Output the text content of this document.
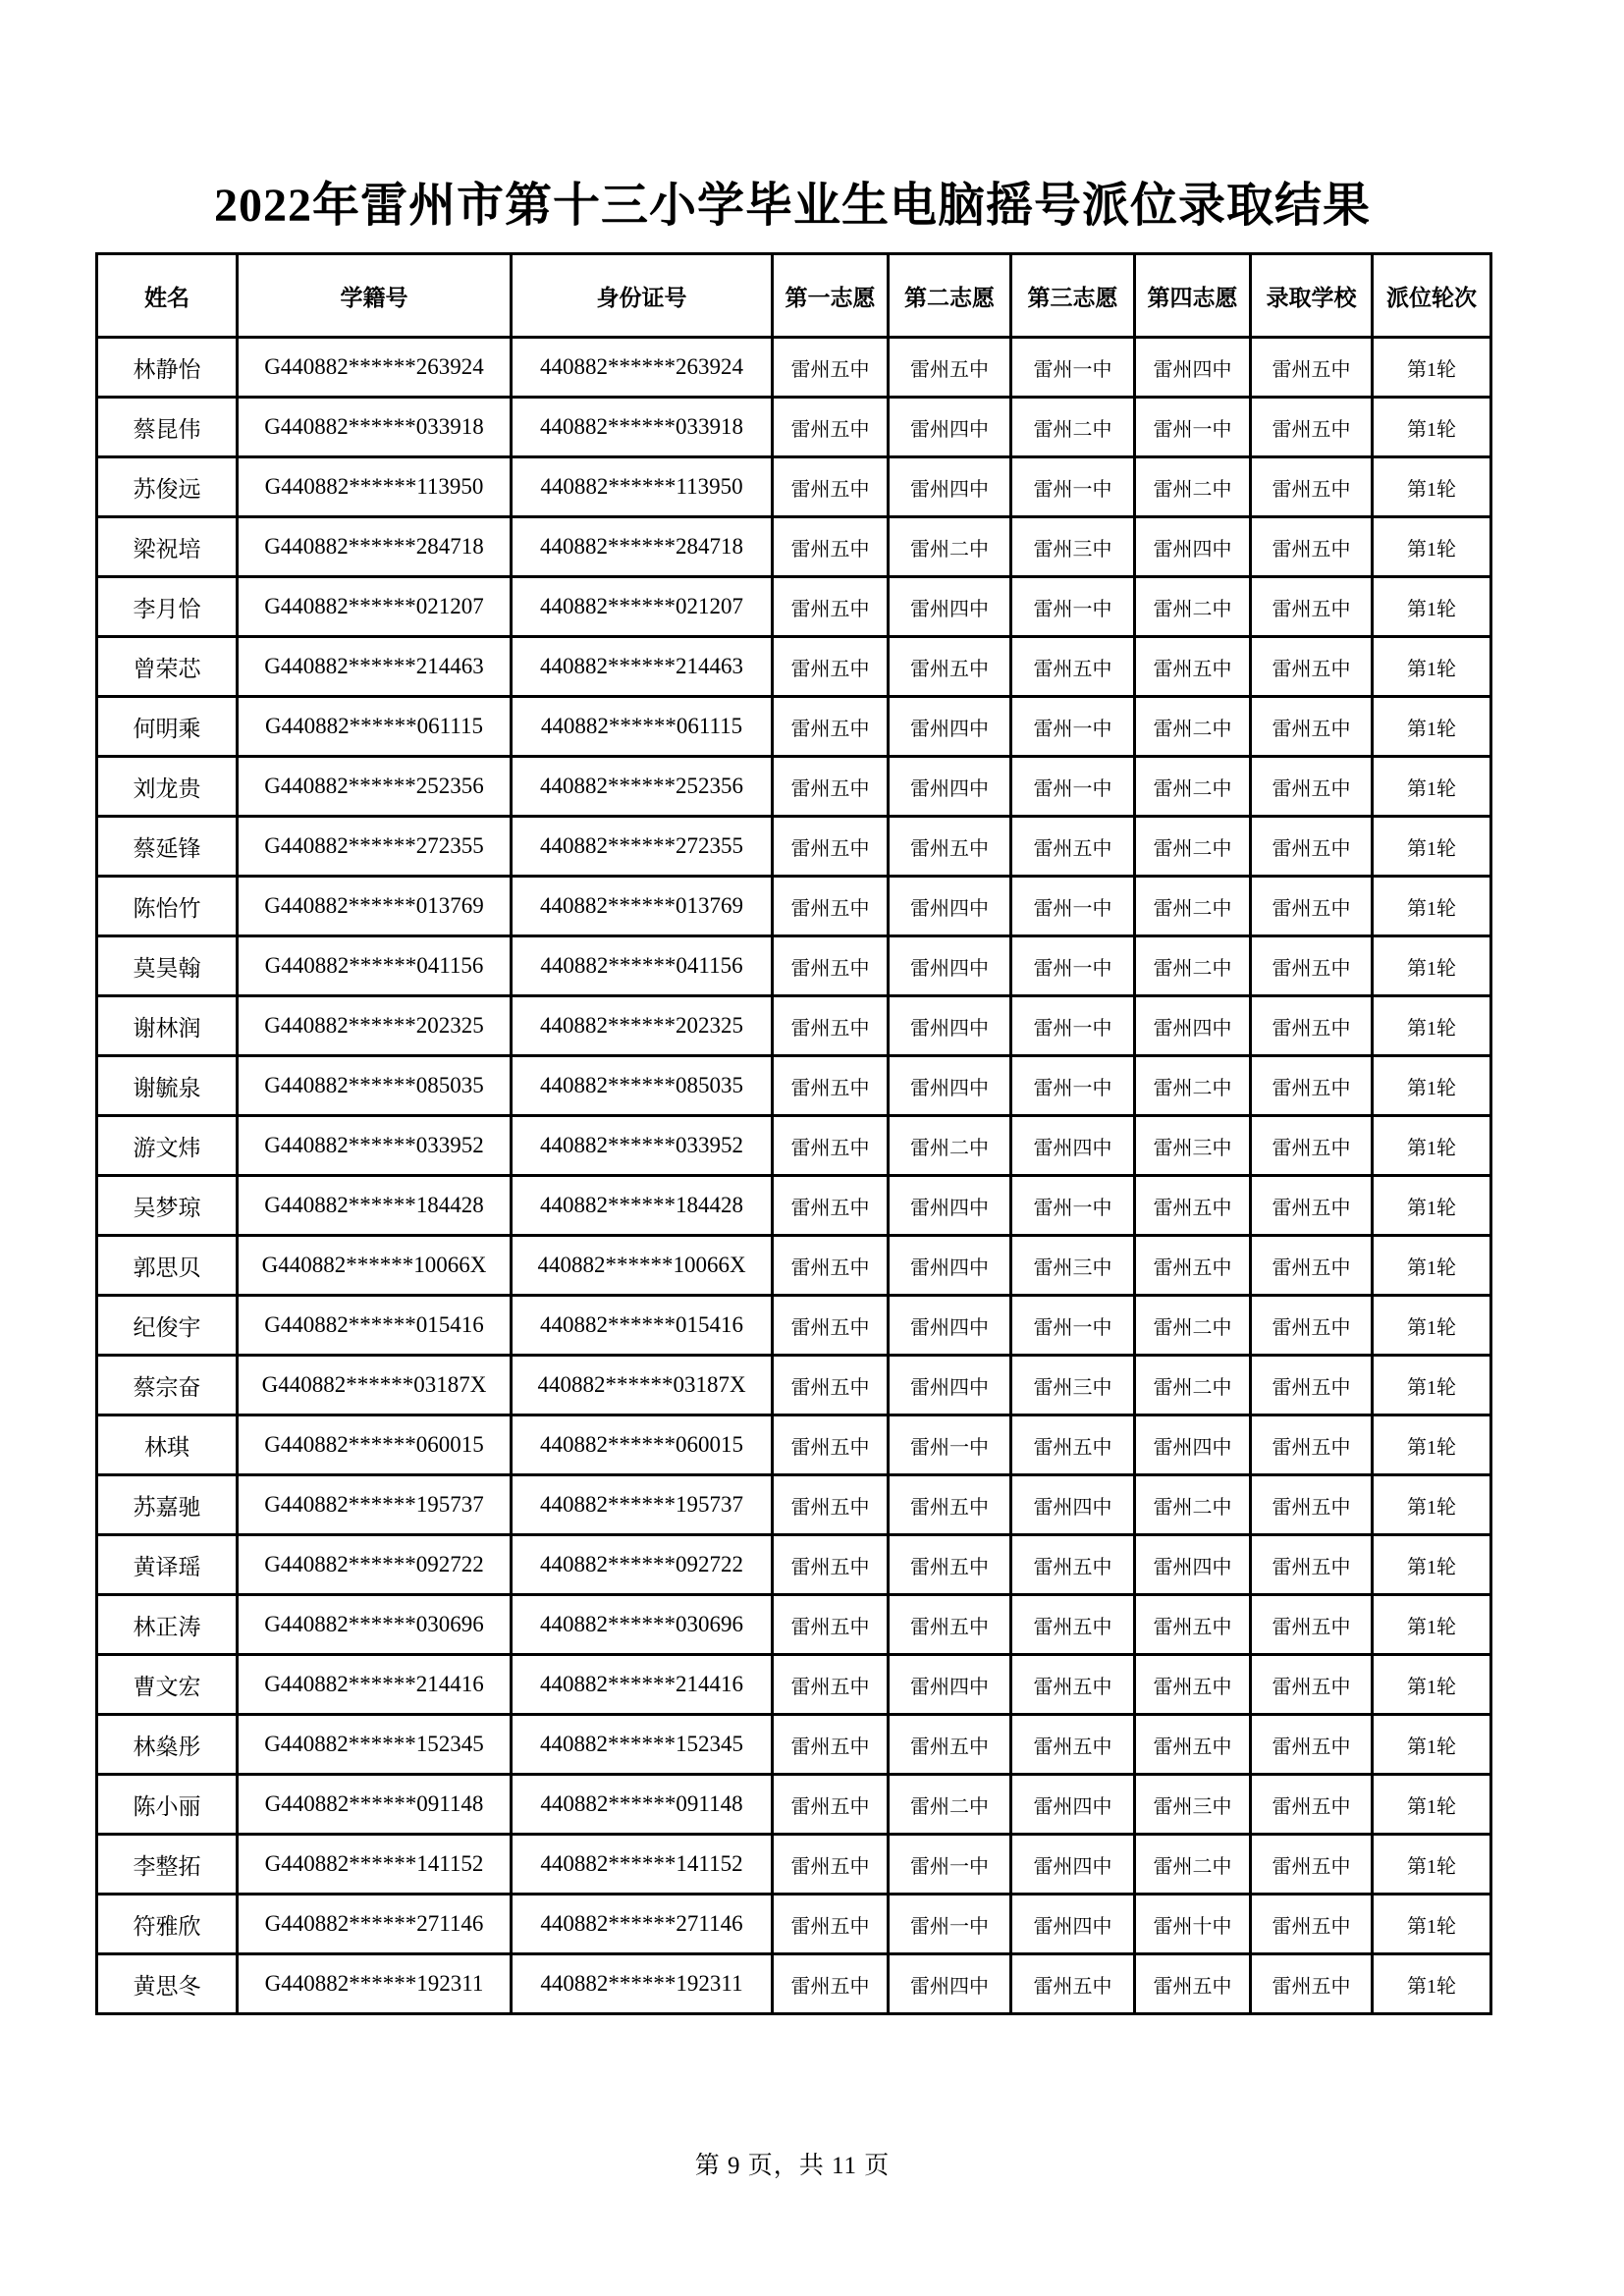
2022年雷州市第十三小学毕业生电脑摇号派位录取结果
姓名	学籍号	身份证号	第一志愿	第二志愿	第三志愿	第四志愿	录取学校	派位轮次
林静怡	G440882******263924	440882******263924	雷州五中	雷州五中	雷州一中	雷州四中	雷州五中	第1轮
蔡昆伟	G440882******033918	440882******033918	雷州五中	雷州四中	雷州二中	雷州一中	雷州五中	第1轮
苏俊远	G440882******113950	440882******113950	雷州五中	雷州四中	雷州一中	雷州二中	雷州五中	第1轮
梁祝培	G440882******284718	440882******284718	雷州五中	雷州二中	雷州三中	雷州四中	雷州五中	第1轮
李月恰	G440882******021207	440882******021207	雷州五中	雷州四中	雷州一中	雷州二中	雷州五中	第1轮
曾荣芯	G440882******214463	440882******214463	雷州五中	雷州五中	雷州五中	雷州五中	雷州五中	第1轮
何明乘	G440882******061115	440882******061115	雷州五中	雷州四中	雷州一中	雷州二中	雷州五中	第1轮
刘龙贵	G440882******252356	440882******252356	雷州五中	雷州四中	雷州一中	雷州二中	雷州五中	第1轮
蔡延锋	G440882******272355	440882******272355	雷州五中	雷州五中	雷州五中	雷州二中	雷州五中	第1轮
陈怡竹	G440882******013769	440882******013769	雷州五中	雷州四中	雷州一中	雷州二中	雷州五中	第1轮
莫昊翰	G440882******041156	440882******041156	雷州五中	雷州四中	雷州一中	雷州二中	雷州五中	第1轮
谢林润	G440882******202325	440882******202325	雷州五中	雷州四中	雷州一中	雷州四中	雷州五中	第1轮
谢毓泉	G440882******085035	440882******085035	雷州五中	雷州四中	雷州一中	雷州二中	雷州五中	第1轮
游文炜	G440882******033952	440882******033952	雷州五中	雷州二中	雷州四中	雷州三中	雷州五中	第1轮
吴梦琼	G440882******184428	440882******184428	雷州五中	雷州四中	雷州一中	雷州五中	雷州五中	第1轮
郭思贝	G440882******10066X	440882******10066X	雷州五中	雷州四中	雷州三中	雷州五中	雷州五中	第1轮
纪俊宇	G440882******015416	440882******015416	雷州五中	雷州四中	雷州一中	雷州二中	雷州五中	第1轮
蔡宗奋	G440882******03187X	440882******03187X	雷州五中	雷州四中	雷州三中	雷州二中	雷州五中	第1轮
林琪	G440882******060015	440882******060015	雷州五中	雷州一中	雷州五中	雷州四中	雷州五中	第1轮
苏嘉驰	G440882******195737	440882******195737	雷州五中	雷州五中	雷州四中	雷州二中	雷州五中	第1轮
黄译瑶	G440882******092722	440882******092722	雷州五中	雷州五中	雷州五中	雷州四中	雷州五中	第1轮
林正涛	G440882******030696	440882******030696	雷州五中	雷州五中	雷州五中	雷州五中	雷州五中	第1轮
曹文宏	G440882******214416	440882******214416	雷州五中	雷州四中	雷州五中	雷州五中	雷州五中	第1轮
林燊彤	G440882******152345	440882******152345	雷州五中	雷州五中	雷州五中	雷州五中	雷州五中	第1轮
陈小丽	G440882******091148	440882******091148	雷州五中	雷州二中	雷州四中	雷州三中	雷州五中	第1轮
李整拓	G440882******141152	440882******141152	雷州五中	雷州一中	雷州四中	雷州二中	雷州五中	第1轮
符雅欣	G440882******271146	440882******271146	雷州五中	雷州一中	雷州四中	雷州十中	雷州五中	第1轮
黄思冬	G440882******192311	440882******192311	雷州五中	雷州四中	雷州五中	雷州五中	雷州五中	第1轮
第 9 页，共 11 页
